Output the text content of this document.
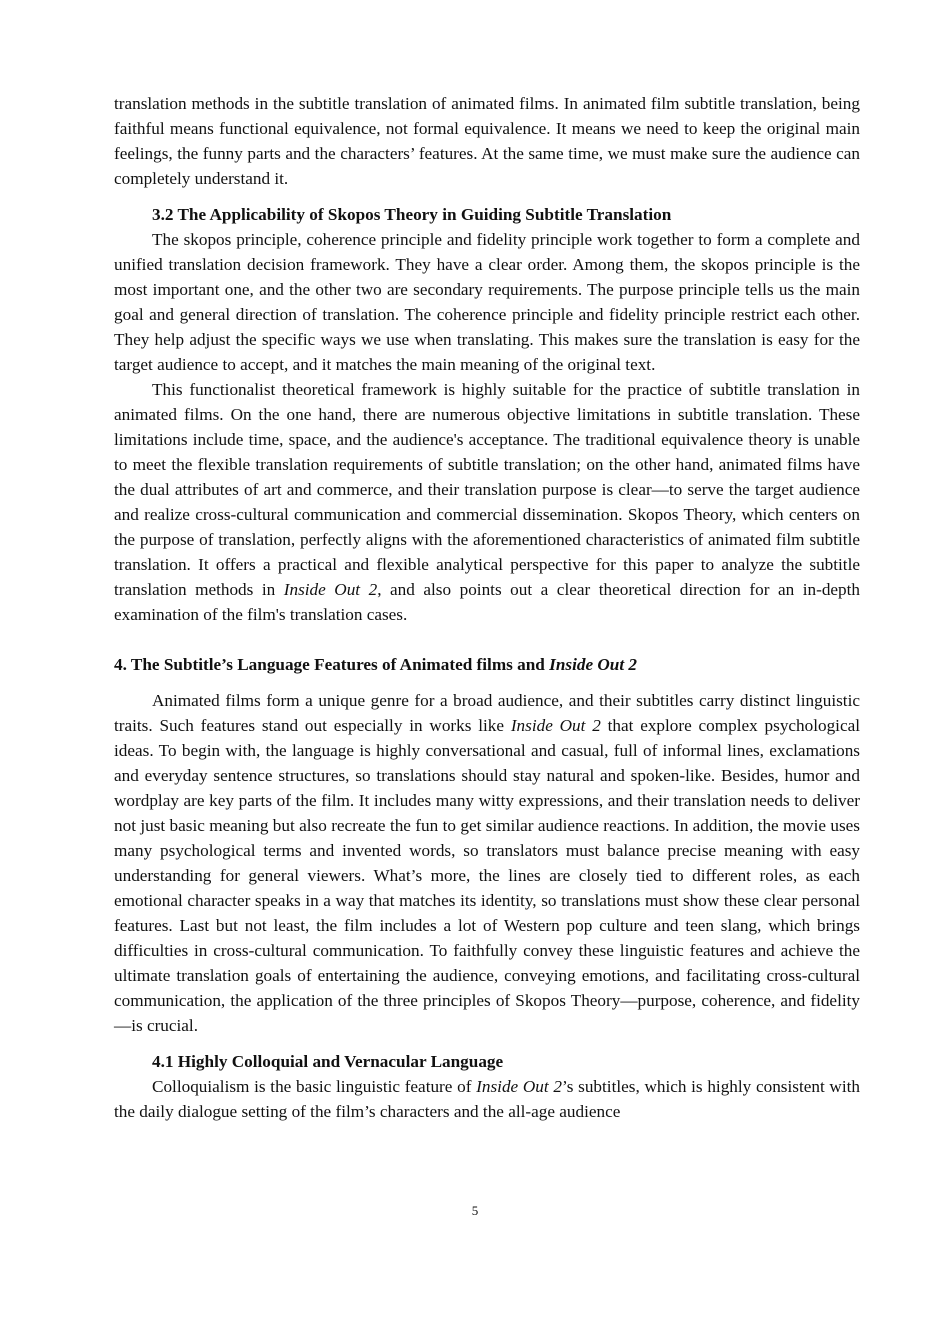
translation methods in the subtitle translation of animated films. In animated film subtitle translation, being faithful means functional equivalence, not formal equivalence. It means we need to keep the original main feelings, the funny parts and the characters’ features. At the same time, we must make sure the audience can completely understand it.

3.2 The Applicability of Skopos Theory in Guiding Subtitle Translation

The skopos principle, coherence principle and fidelity principle work together to form a complete and unified translation decision framework. They have a clear order. Among them, the skopos principle is the most important one, and the other two are secondary requirements. The purpose principle tells us the main goal and general direction of translation. The coherence principle and fidelity principle restrict each other. They help adjust the specific ways we use when translating. This makes sure the translation is easy for the target audience to accept, and it matches the main meaning of the original text.

This functionalist theoretical framework is highly suitable for the practice of subtitle translation in animated films. On the one hand, there are numerous objective limitations in subtitle translation. These limitations include time, space, and the audience's acceptance. The traditional equivalence theory is unable to meet the flexible translation requirements of subtitle translation; on the other hand, animated films have the dual attributes of art and commerce, and their translation purpose is clear—to serve the target audience and realize cross-cultural communication and commercial dissemination. Skopos Theory, which centers on the purpose of translation, perfectly aligns with the aforementioned characteristics of animated film subtitle translation. It offers a practical and flexible analytical perspective for this paper to analyze the subtitle translation methods in Inside Out 2, and also points out a clear theoretical direction for an in-depth examination of the film's translation cases.

4. The Subtitle’s Language Features of Animated films and Inside Out 2

Animated films form a unique genre for a broad audience, and their subtitles carry distinct linguistic traits. Such features stand out especially in works like Inside Out 2 that explore complex psychological ideas. To begin with, the language is highly conversational and casual, full of informal lines, exclamations and everyday sentence structures, so translations should stay natural and spoken-like. Besides, humor and wordplay are key parts of the film. It includes many witty expressions, and their translation needs to deliver not just basic meaning but also recreate the fun to get similar audience reactions. In addition, the movie uses many psychological terms and invented words, so translators must balance precise meaning with easy understanding for general viewers. What’s more, the lines are closely tied to different roles, as each emotional character speaks in a way that matches its identity, so translations must show these clear personal features. Last but not least, the film includes a lot of Western pop culture and teen slang, which brings difficulties in cross-cultural communication. To faithfully convey these linguistic features and achieve the ultimate translation goals of entertaining the audience, conveying emotions, and facilitating cross-cultural communication, the application of the three principles of Skopos Theory—purpose, coherence, and fidelity—is crucial.

4.1 Highly Colloquial and Vernacular Language

Colloquialism is the basic linguistic feature of Inside Out 2’s subtitles, which is highly consistent with the daily dialogue setting of the film’s characters and the all-age audience

5
